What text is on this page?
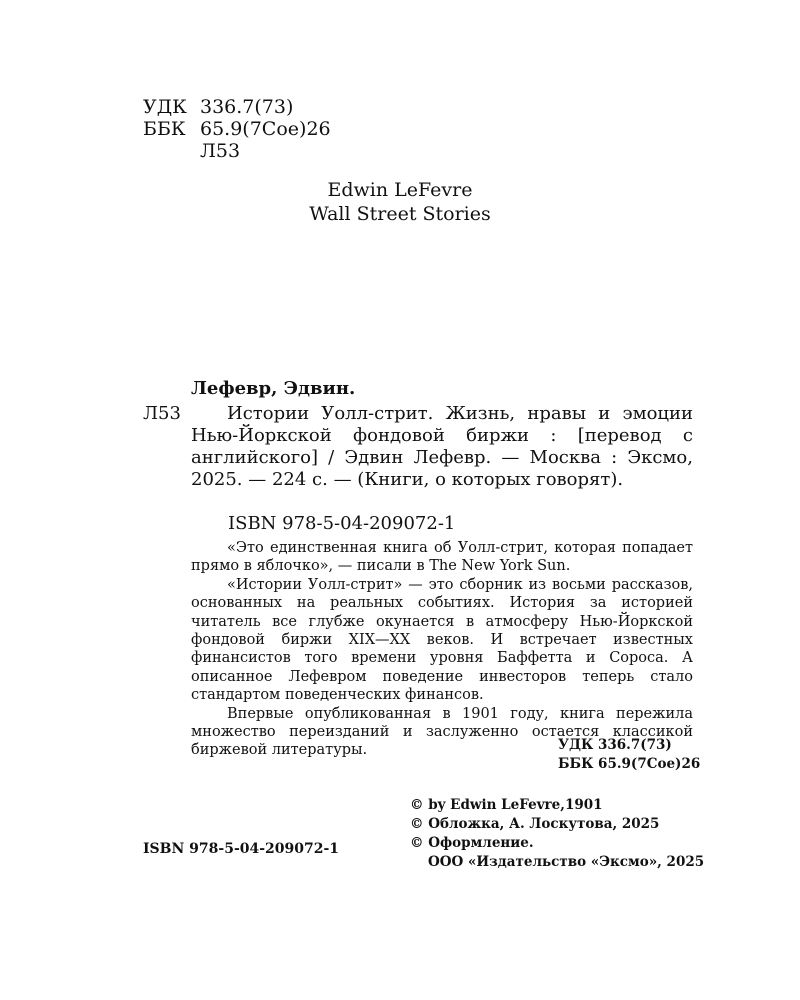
УДК 336.7(73)
ББК 65.9(7Сое)26
Л53
Edwin LeFevre
Wall Street Stories
Лефевр, Эдвин.
Л53	Истории Уолл-стрит. Жизнь, нравы и эмоции Нью-Йоркской фондовой биржи : [перевод с английского] / Эдвин Лефевр. — Москва : Эксмо, 2025. — 224 с. — (Книги, о которых говорят).

ISBN 978-5-04-209072-1

«Это единственная книга об Уолл-стрит, которая попадает прямо в яблочко», — писали в The New York Sun.

«Истории Уолл-стрит» — это сборник из восьми рассказов, основанных на реальных событиях. История за историей читатель все глубже окунается в атмосферу Нью-Йоркской фондовой биржи XIX—XX веков. И встречает известных финансистов того времени уровня Баффетта и Сороса. А описанное Лефевром поведение инвесторов теперь стало стандартом поведенческих финансов.

Впервые опубликованная в 1901 году, книга пережила множество переизданий и заслуженно остается классикой биржевой литературы.	УДК 336.7(73)
ББК 65.9(7Сое)26
© by Edwin LeFevre,1901
© Обложка, А. Лоскутова, 2025
© Оформление.
ООО «Издательство «Эксмо», 2025
ISBN 978-5-04-209072-1
